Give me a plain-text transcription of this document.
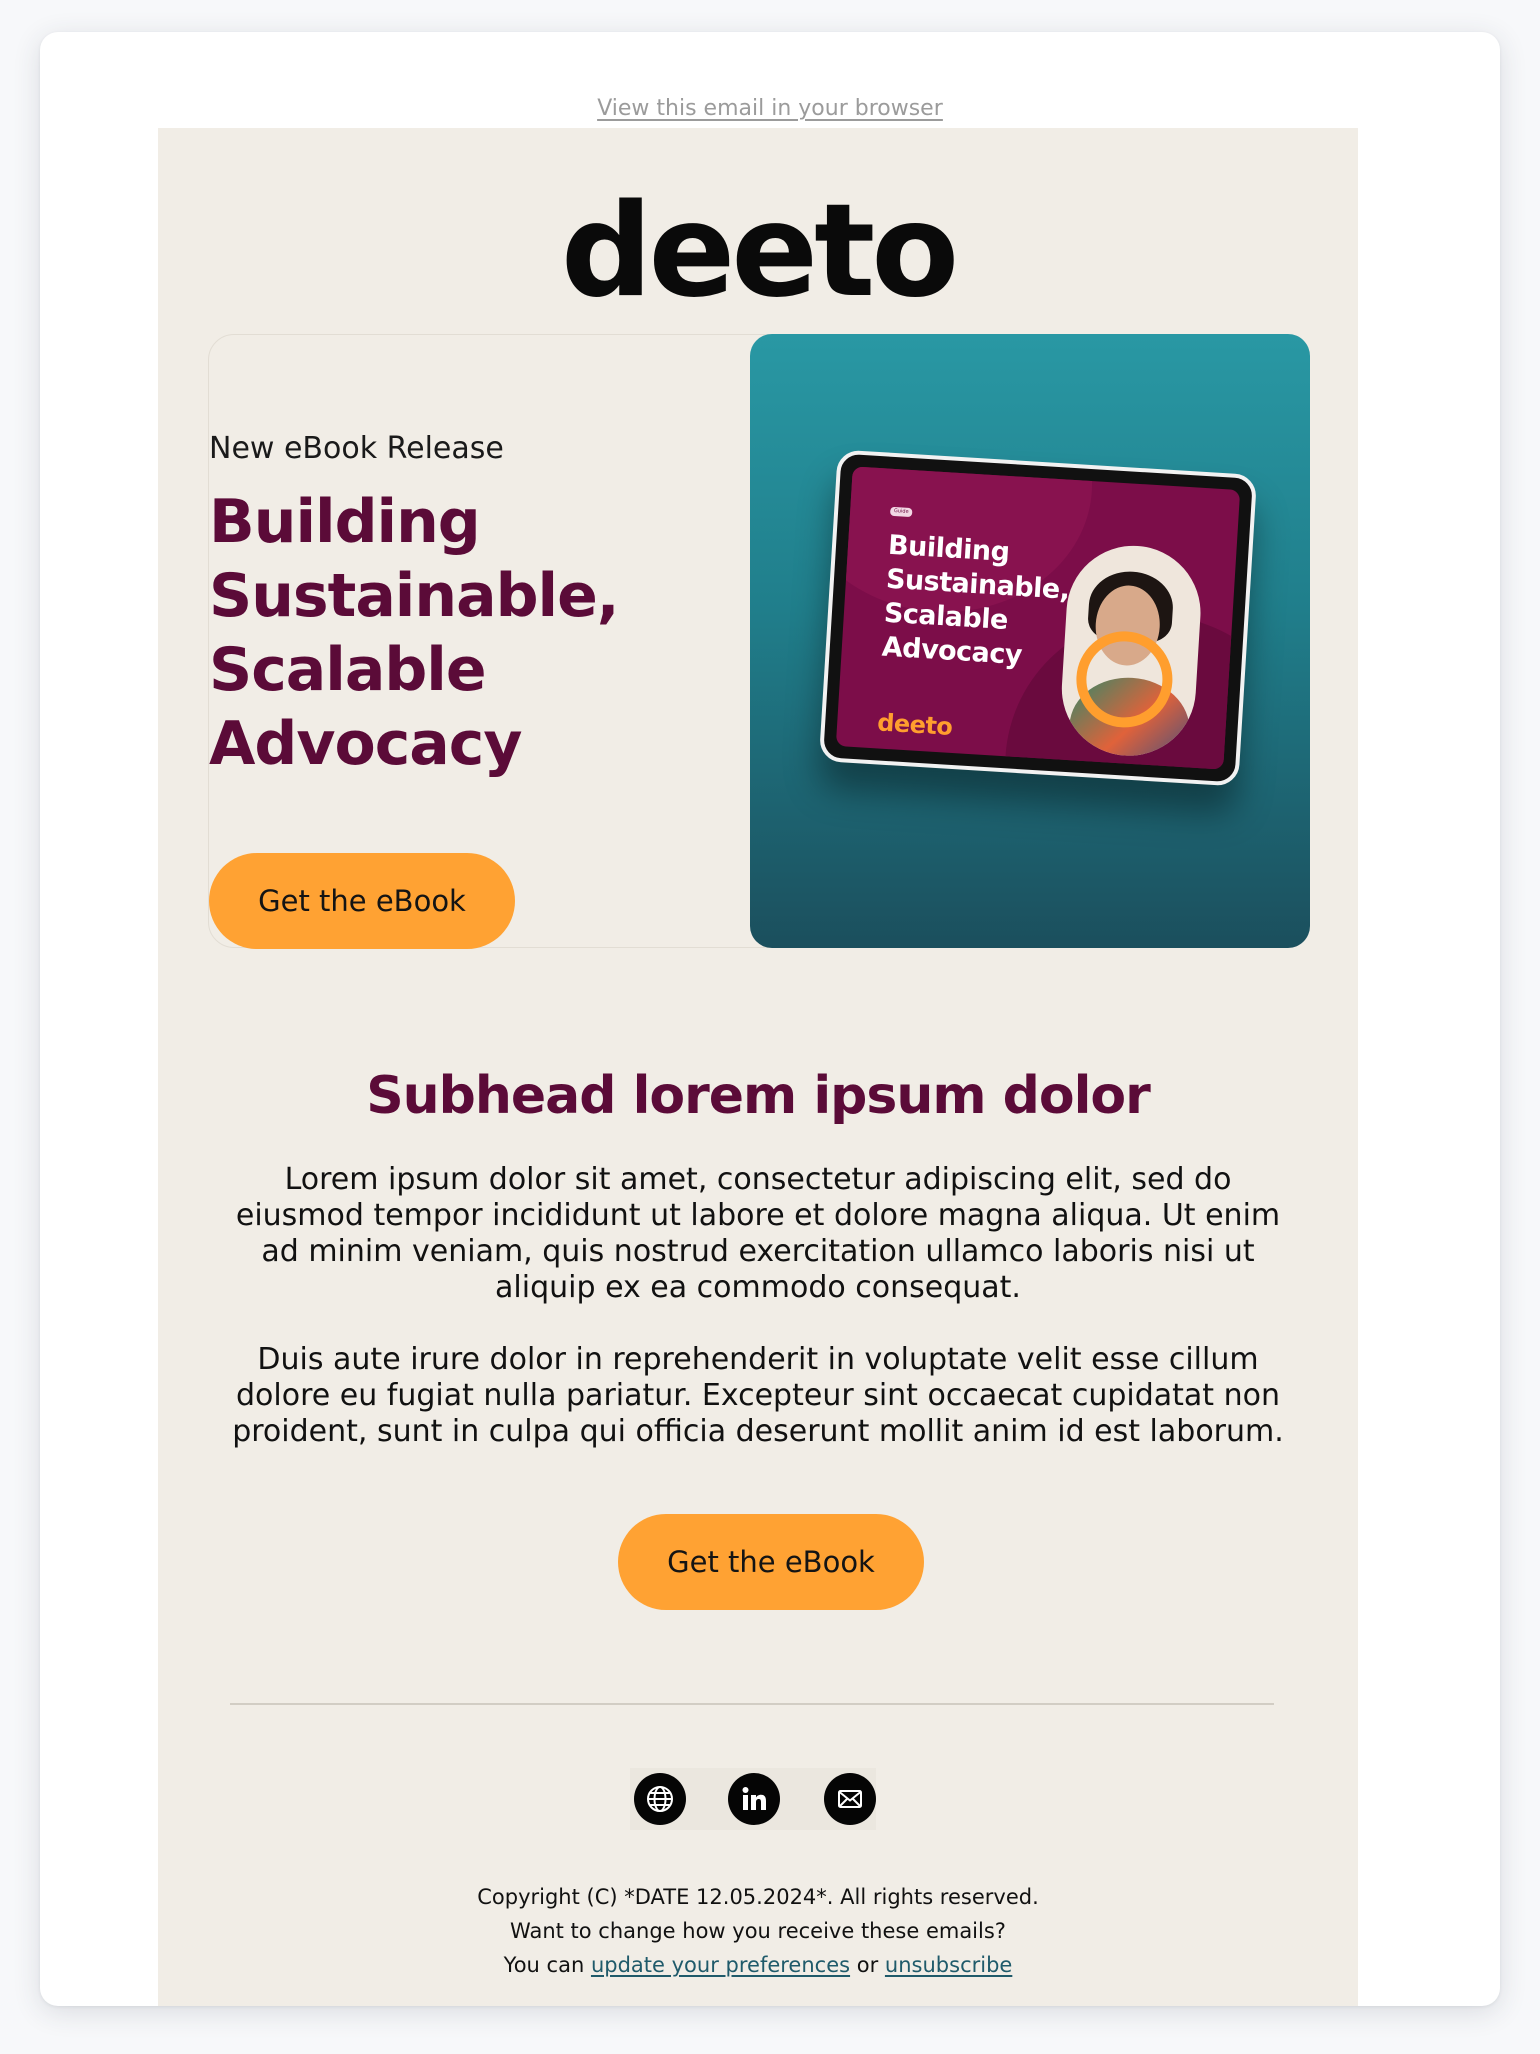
View this email in your browser
deeto
New eBook Release
Building
Sustainable,
Scalable
Advocacy
Get the eBook
Guide
Building
Sustainable,
Scalable
Advocacy
deeto
Subhead lorem ipsum dolor
Lorem ipsum dolor sit amet, consectetur adipiscing elit, sed do eiusmod tempor incididunt ut labore et dolore magna aliqua. Ut enim ad minim veniam, quis nostrud exercitation ullamco laboris nisi ut aliquip ex ea commodo consequat.
Duis aute irure dolor in reprehenderit in voluptate velit esse cillum dolore eu fugiat nulla pariatur. Excepteur sint occaecat cupidatat non proident, sunt in culpa qui officia deserunt mollit anim id est laborum.
Get the eBook
Copyright (C) *DATE 12.05.2024*. All rights reserved.
Want to change how you receive these emails?
You can update your preferences or unsubscribe
